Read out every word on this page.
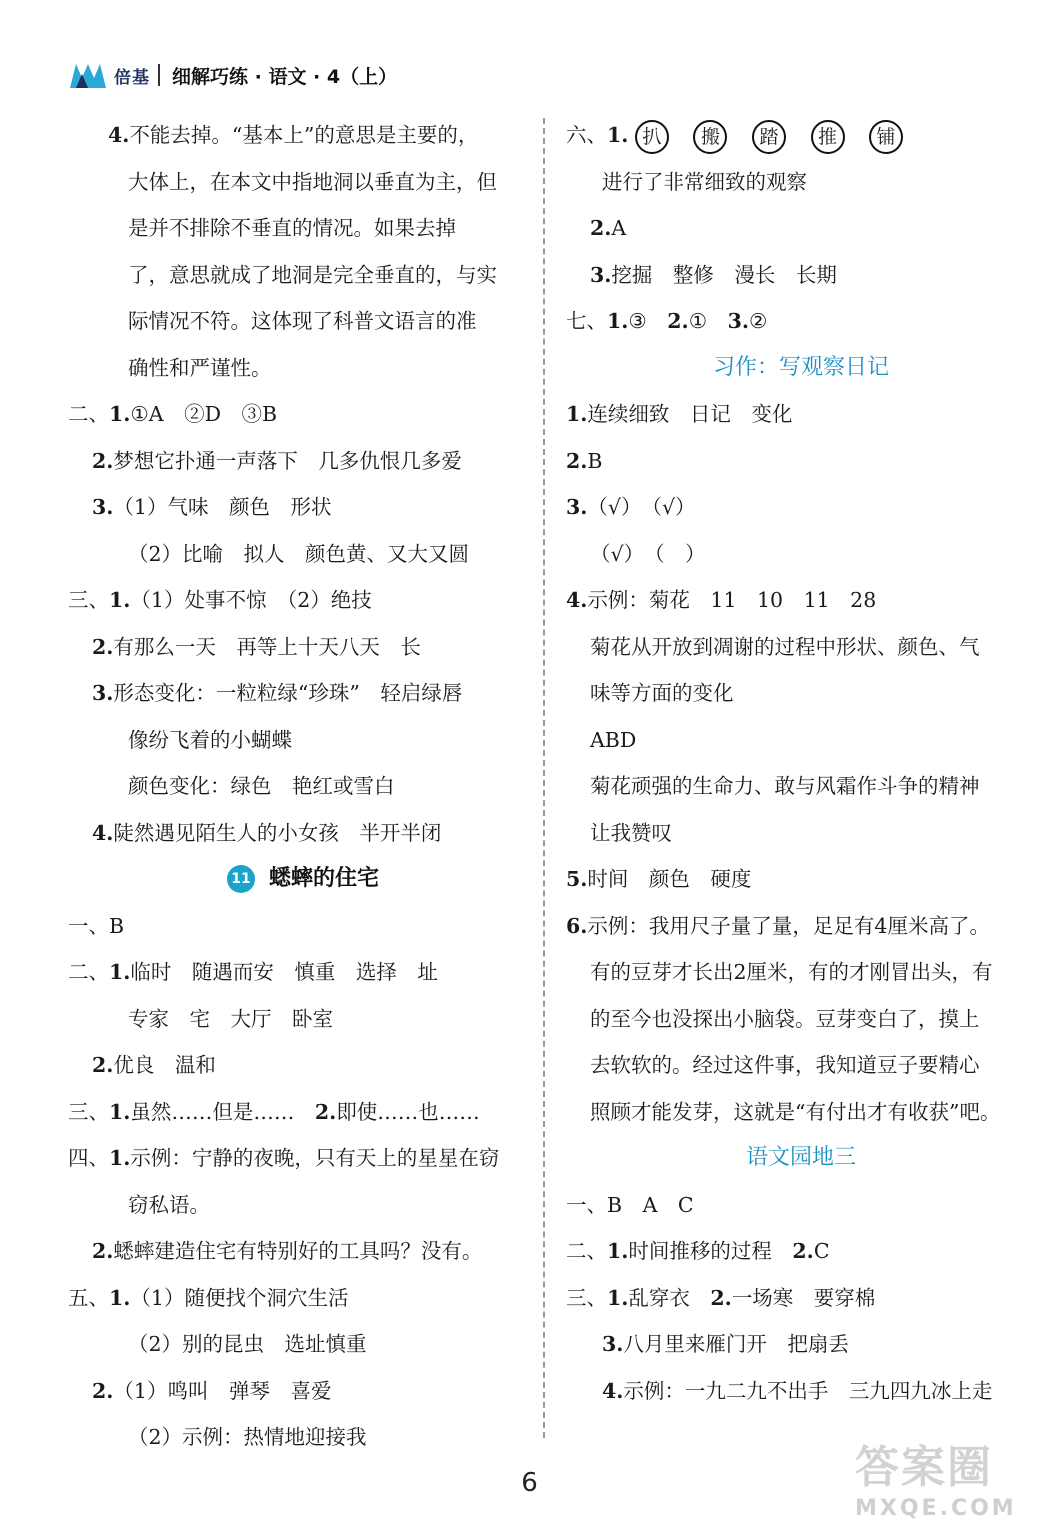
倍基 细解巧练 · 语文 · 4（上）
4.不能去掉。“基本上”的意思是主要的，
大体上，在本文中指地洞以垂直为主，但
是并不排除不垂直的情况。如果去掉
了，意思就成了地洞是完全垂直的，与实
际情况不符。这体现了科普文语言的准
确性和严谨性。
二、1.①A　②D　③B
2.梦想它扑通一声落下　几多仇恨几多爱
3.（1）气味　颜色　形状
（2）比喻　拟人　颜色黄、又大又圆
三、1.（1）处事不惊　（2）绝技
2.有那么一天　再等上十天八天　长
3.形态变化：一粒粒绿“珍珠”　轻启绿唇
像纷飞着的小蝴蝶
颜色变化：绿色　艳红或雪白
4.陡然遇见陌生人的小女孩　半开半闭
11 蟋蟀的住宅
一、B
二、1.临时　随遇而安　慎重　选择　址
专家　宅　大厅　卧室
2.优良　温和
三、1.虽然……但是……　2.即使……也……
四、1.示例：宁静的夜晚，只有天上的星星在窃
窃私语。
2.蟋蟀建造住宅有特别好的工具吗？没有。
五、1.（1）随便找个洞穴生活
（2）别的昆虫　选址慎重
2.（1）鸣叫　弹琴　喜爱
（2）示例：热情地迎接我
六、1. 扒 搬 踏 推 铺
进行了非常细致的观察
2.A
3.挖掘　整修　漫长　长期
七、1.③　2.①　3.②
习作：写观察日记
1.连续细致　日记　变化
2.B
3.（√）　（√）
（√）　（　）
4.示例：菊花　11　10　11　28
菊花从开放到凋谢的过程中形状、颜色、气
味等方面的变化
ABD
菊花顽强的生命力、敢与风霜作斗争的精神
让我赞叹
5.时间　颜色　硬度
6.示例：我用尺子量了量，足足有4厘米高了。
有的豆芽才长出2厘米，有的才刚冒出头，有
的至今也没探出小脑袋。豆芽变白了，摸上
去软软的。经过这件事，我知道豆子要精心
照顾才能发芽，这就是“有付出才有收获”吧。
语文园地三
一、B　A　C
二、1.时间推移的过程　2.C
三、1.乱穿衣　2.一场寒　要穿棉
3.八月里来雁门开　把扇丢
4.示例：一九二九不出手　三九四九冰上走
6	答案圈
MXQE.COM
